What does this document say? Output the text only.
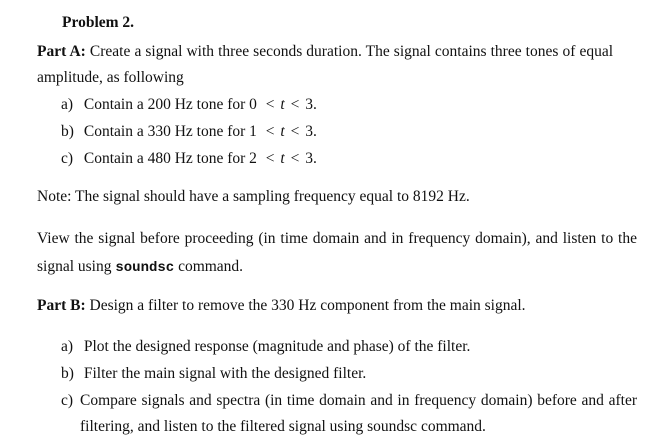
Problem 2.
Part A: Create a signal with three seconds duration. The signal contains three tones of equal
amplitude, as following
a) Contain a 200 Hz tone for 0 < t < 3.
b) Contain a 330 Hz tone for 1 < t < 3.
c) Contain a 480 Hz tone for 2 < t < 3.
Note: The signal should have a sampling frequency equal to 8192 Hz.
View the signal before proceeding (in time domain and in frequency domain), and listen to the
signal using soundsc command.
Part B: Design a filter to remove the 330 Hz component from the main signal.
a) Plot the designed response (magnitude and phase) of the filter.
b) Filter the main signal with the designed filter.
c) Compare signals and spectra (in time domain and in frequency domain) before and after
filtering, and listen to the filtered signal using soundsc command.
